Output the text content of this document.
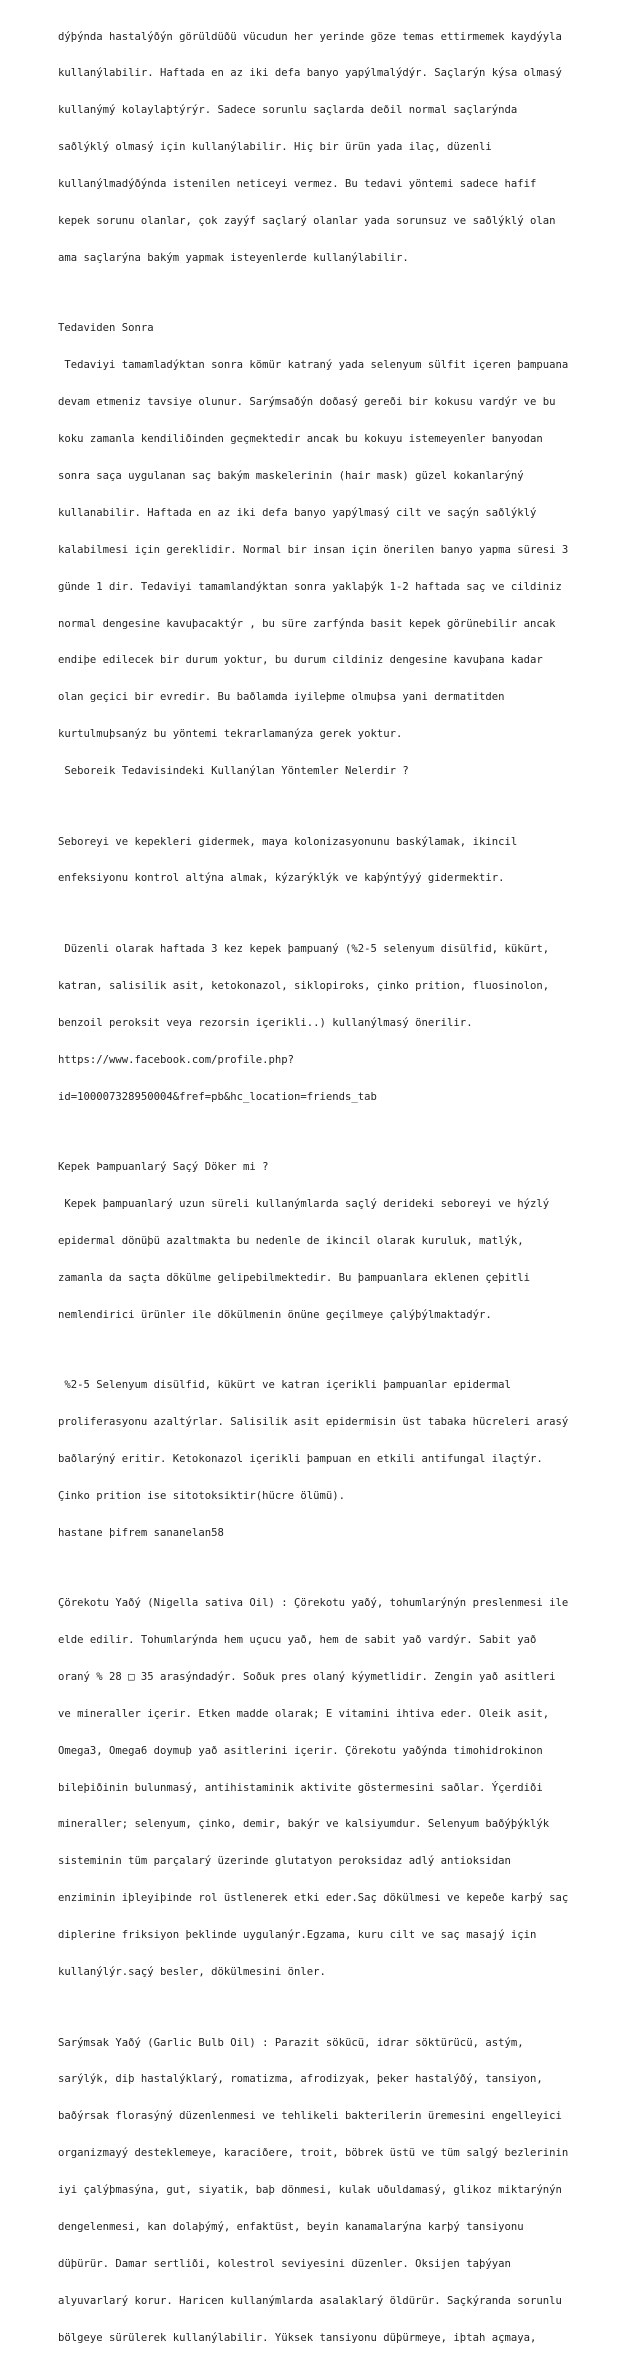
dýþýnda hastalýðýn görüldüðü vücudun her yerinde göze temas ettirmemek kaydýyla

kullanýlabilir. Haftada en az iki defa banyo yapýlmalýdýr. Saçlarýn kýsa olmasý

kullanýmý kolaylaþtýrýr. Sadece sorunlu saçlarda deðil normal saçlarýnda

saðlýklý olmasý için kullanýlabilir. Hiç bir ürün yada ilaç, düzenli

kullanýlmadýðýnda istenilen neticeyi vermez. Bu tedavi yöntemi sadece hafif

kepek sorunu olanlar, çok zayýf saçlarý olanlar yada sorunsuz ve saðlýklý olan

ama saçlarýna bakým yapmak isteyenlerde kullanýlabilir.

Tedaviden Sonra

Tedaviyi tamamladýktan sonra kömür katraný yada selenyum sülfit içeren þampuana

devam etmeniz tavsiye olunur. Sarýmsaðýn doðasý gereði bir kokusu vardýr ve bu

koku zamanla kendiliðinden geçmektedir ancak bu kokuyu istemeyenler banyodan

sonra saça uygulanan saç bakým maskelerinin (hair mask) güzel kokanlarýný

kullanabilir. Haftada en az iki defa banyo yapýlmasý cilt ve saçýn saðlýklý

kalabilmesi için gereklidir. Normal bir insan için önerilen banyo yapma süresi 3

günde 1 dir. Tedaviyi tamamlandýktan sonra yaklaþýk 1-2 haftada saç ve cildiniz

normal dengesine kavuþacaktýr , bu süre zarfýnda basit kepek görünebilir ancak

endiþe edilecek bir durum yoktur, bu durum cildiniz dengesine kavuþana kadar

olan geçici bir evredir. Bu baðlamda iyileþme olmuþsa yani dermatitden

kurtulmuþsanýz bu yöntemi tekrarlamanýza gerek yoktur.

Seboreik Tedavisindeki Kullanýlan Yöntemler Nelerdir ?

Seboreyi ve kepekleri gidermek, maya kolonizasyonunu baskýlamak, ikincil

enfeksiyonu kontrol altýna almak, kýzarýklýk ve kaþýntýyý gidermektir.

Düzenli olarak haftada 3 kez kepek þampuaný (%2-5 selenyum disülfid, kükürt,

katran, salisilik asit, ketokonazol, siklopiroks, çinko prition, fluosinolon,

benzoil peroksit veya rezorsin içerikli..) kullanýlmasý önerilir.

https://www.facebook.com/profile.php?

id=100007328950004&fref=pb&hc_location=friends_tab

Kepek Þampuanlarý Saçý Döker mi ?

Kepek þampuanlarý uzun süreli kullanýmlarda saçlý derideki seboreyi ve hýzlý

epidermal dönüþü azaltmakta bu nedenle de ikincil olarak kuruluk, matlýk,

zamanla da saçta dökülme gelipebilmektedir. Bu þampuanlara eklenen çeþitli

nemlendirici ürünler ile dökülmenin önüne geçilmeye çalýþýlmaktadýr.

%2-5 Selenyum disülfid, kükürt ve katran içerikli þampuanlar epidermal

proliferasyonu azaltýrlar. Salisilik asit epidermisin üst tabaka hücreleri arasý

baðlarýný eritir. Ketokonazol içerikli þampuan en etkili antifungal ilaçtýr.

Çinko prition ise sitotoksiktir(hücre ölümü).

hastane þifrem sananelan58

Çörekotu Yaðý (Nigella sativa Oil) : Çörekotu yaðý, tohumlarýnýn preslenmesi ile

elde edilir. Tohumlarýnda hem uçucu yað, hem de sabit yað vardýr. Sabit yað

oraný % 28 □ 35 arasýndadýr. Soðuk pres olaný kýymetlidir. Zengin yað asitleri

ve mineraller içerir. Etken madde olarak; E vitamini ihtiva eder. Oleik asit,

Omega3, Omega6 doymuþ yað asitlerini içerir. Çörekotu yaðýnda timohidrokinon

bileþiðinin bulunmasý, antihistaminik aktivite göstermesini saðlar. Ýçerdiði

mineraller; selenyum, çinko, demir, bakýr ve kalsiyumdur. Selenyum baðýþýklýk

sisteminin tüm parçalarý üzerinde glutatyon peroksidaz adlý antioksidan

enziminin iþleyiþinde rol üstlenerek etki eder.Saç dökülmesi ve kepeðe karþý saç

diplerine friksiyon þeklinde uygulanýr.Egzama, kuru cilt ve saç masajý için

kullanýlýr.saçý besler, dökülmesini önler.

Sarýmsak Yaðý (Garlic Bulb Oil) : Parazit sökücü, idrar söktürücü, astým,

sarýlýk, diþ hastalýklarý, romatizma, afrodizyak, þeker hastalýðý, tansiyon,

baðýrsak florasýný düzenlenmesi ve tehlikeli bakterilerin üremesini engelleyici

organizmayý desteklemeye, karaciðere, troit, böbrek üstü ve tüm salgý bezlerinin

iyi çalýþmasýna, gut, siyatik, baþ dönmesi, kulak uðuldamasý, glikoz miktarýnýn

dengelenmesi, kan dolaþýmý, enfaktüst, beyin kanamalarýna karþý tansiyonu

düþürür. Damar sertliði, kolestrol seviyesini düzenler. Oksijen taþýyan

alyuvarlarý korur. Haricen kullanýmlarda asalaklarý öldürür. Saçkýranda sorunlu

bölgeye sürülerek kullanýlabilir. Yüksek tansiyonu düþürmeye, iþtah açmaya,
